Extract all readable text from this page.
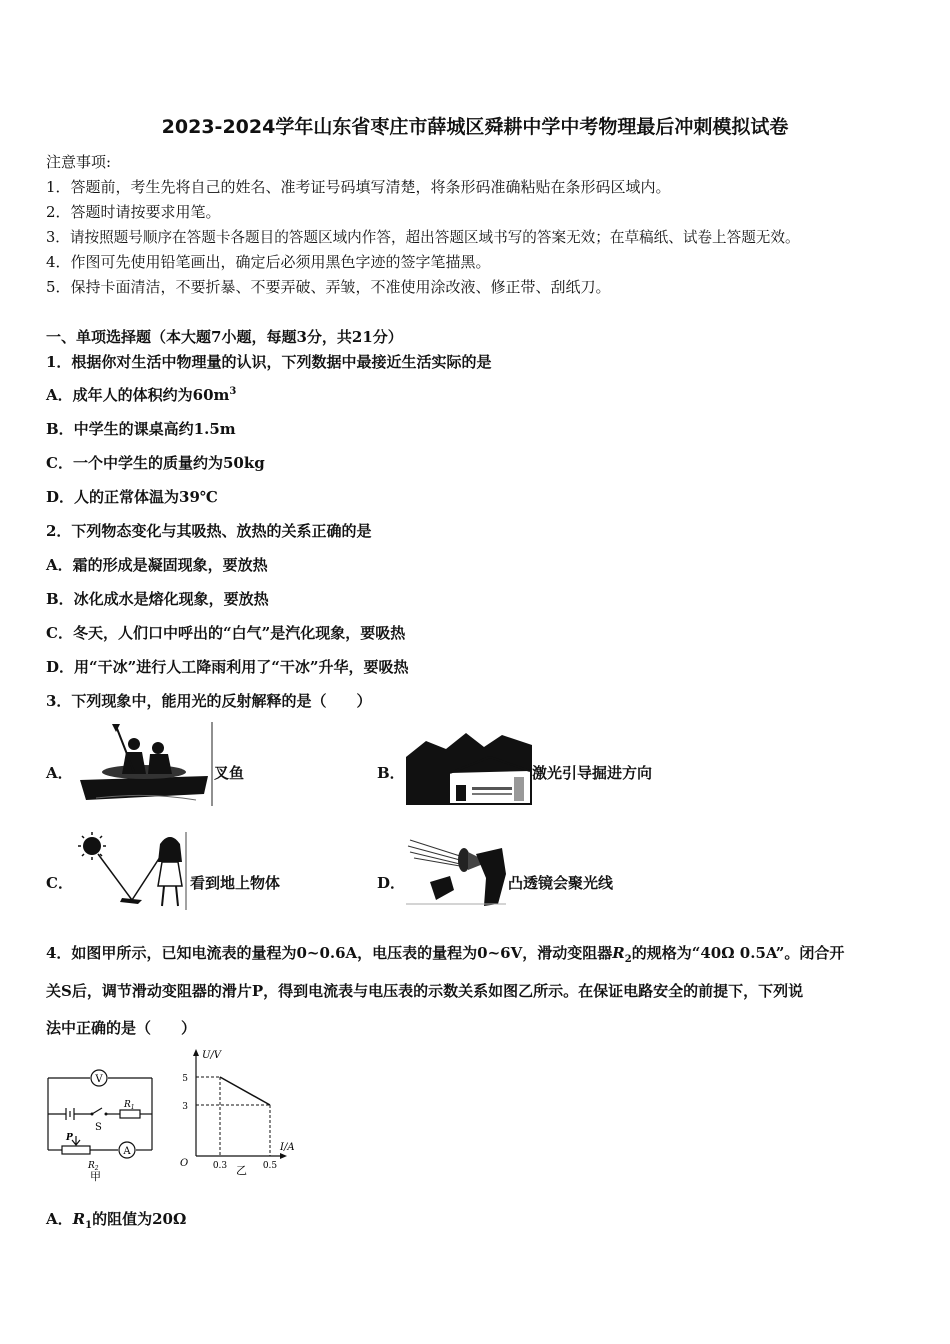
2023-2024学年山东省枣庄市薛城区舜耕中学中考物理最后冲刺模拟试卷
注意事项:
1．答题前，考生先将自己的姓名、准考证号码填写清楚，将条形码准确粘贴在条形码区域内。
2．答题时请按要求用笔。
3．请按照题号顺序在答题卡各题目的答题区域内作答，超出答题区域书写的答案无效；在草稿纸、试卷上答题无效。
4．作图可先使用铅笔画出，确定后必须用黑色字迹的签字笔描黑。
5．保持卡面清洁，不要折暴、不要弄破、弄皱，不准使用涂改液、修正带、刮纸刀。
一、单项选择题（本大题7小题，每题3分，共21分）
1．根据你对生活中物理量的认识，下列数据中最接近生活实际的是
A．成年人的体积约为$60m^3$
B．中学生的课桌高约1.5m
C．一个中学生的质量约为50kg
D．人的正常体温为39℃
2．下列物态变化与其吸热、放热的关系正确的是
A．霜的形成是凝固现象，要放热
B．冰化成水是熔化现象，要放热
C．冬天，人们口中呼出的“白气”是汽化现象，要吸热
D．用“干冰”进行人工降雨利用了“干冰”升华，要吸热
3．下列现象中，能用光的反射解释的是（　　）
A．	叉鱼	B．	激光引导掘进方向
C．	看到地上物体	D．	凸透镜会聚光线
4．如图甲所示，已知电流表的量程为0~0.6A，电压表的量程为0~6V，滑动变阻器$R_2$的规格为“40Ω 0.5A”。闭合开
关S后，调节滑动变阻器的滑片P，得到电流表与电压表的示数关系如图乙所示。在保证电路安全的前提下，下列说
法中正确的是（　　）
V
$R_1$
S
P
$R_2$
A
甲
U/V
I/A
O
5
3
0.3	0.5
乙
A．$R_1$的阻值为20Ω
